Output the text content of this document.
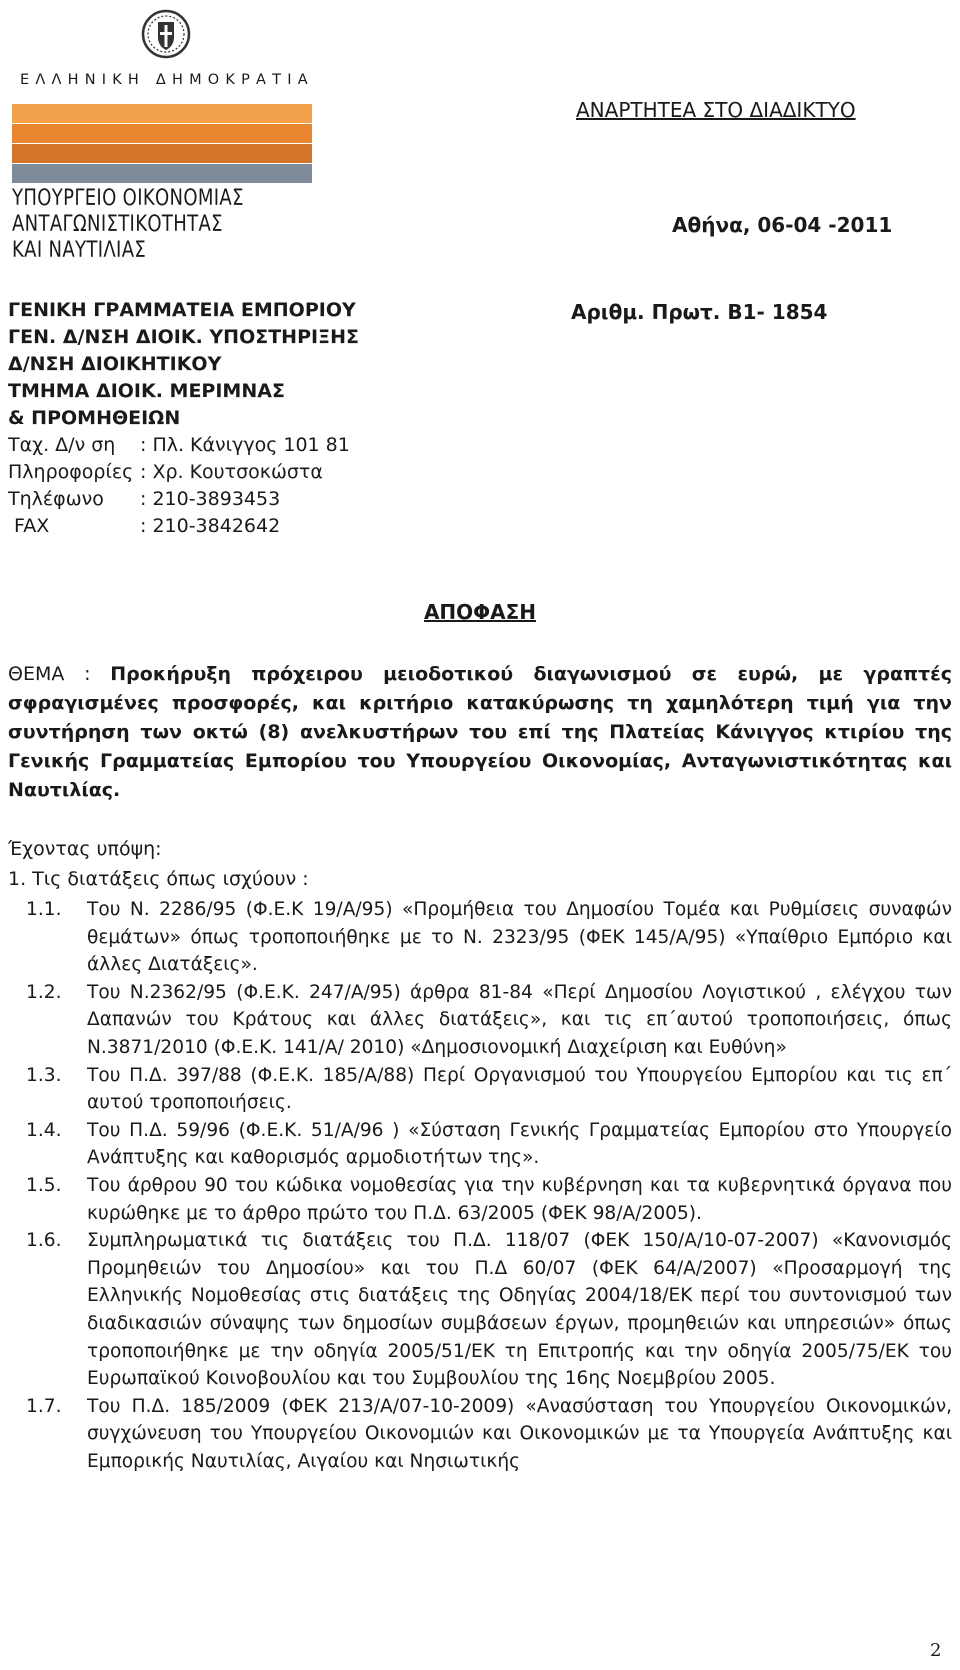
ΕΛΛΗΝΙΚΗ ΔΗΜΟΚΡΑΤΙΑ
ΥΠΟΥΡΓΕΙΟ ΟΙΚΟΝΟΜΙΑΣ
ΑΝΤΑΓΩΝΙΣΤΙΚΟΤΗΤΑΣ
ΚΑΙ ΝΑΥΤΙΛΙΑΣ
ΑΝΑΡΤΗΤΕΑ ΣΤΟ ΔΙΑΔΙΚΤΥΟ
Αθήνα, 06-04 -2011
Αριθμ. Πρωτ. Β1- 1854
ΓΕΝΙΚΗ ΓΡΑΜΜΑΤΕΙΑ ΕΜΠΟΡΙΟΥ
ΓΕΝ. Δ/ΝΣΗ ΔΙΟΙΚ. ΥΠΟΣΤΗΡΙΞΗΣ
Δ/ΝΣΗ ΔΙΟΙΚΗΤΙΚΟΥ
ΤΜΗΜΑ ΔΙΟΙΚ. ΜΕΡΙΜΝΑΣ
& ΠΡΟΜΗΘΕΙΩΝ
Ταχ. Δ/ν ση : Πλ. Κάνιγγος 101 81
Πληροφορίες : Χρ. Κουτσοκώστα
Τηλέφωνο : 210-3893453
FAX	: 210-3842642
ΑΠΟΦΑΣΗ
ΘΕΜΑ : Προκήρυξη πρόχειρου μειοδοτικού διαγωνισμού σε ευρώ, με γραπτές σφραγισμένες προσφορές, και κριτήριο κατακύρωσης τη χαμηλότερη τιμή για την συντήρηση των οκτώ (8) ανελκυστήρων του επί της Πλατείας Κάνιγγος κτιρίου της Γενικής Γραμματείας Εμπορίου του Υπουργείου Οικονομίας, Ανταγωνιστικότητας και Ναυτιλίας.
Έχοντας υπόψη:
1. Τις διατάξεις όπως ισχύουν :
1.1.	Του Ν. 2286/95 (Φ.Ε.Κ 19/Α/95) «Προμήθεια του Δημοσίου Τομέα και Ρυθμίσεις συναφών θεμάτων» όπως τροποποιήθηκε με το Ν. 2323/95 (ΦΕΚ 145/Α/95) «Υπαίθριο Εμπόριο και άλλες Διατάξεις».
1.2.	Του Ν.2362/95 (Φ.Ε.Κ. 247/Α/95) άρθρα 81-84 «Περί Δημοσίου Λογιστικού , ελέγχου των Δαπανών του Κράτους και άλλες διατάξεις», και τις επ΄αυτού τροποποιήσεις, όπως Ν.3871/2010 (Φ.Ε.Κ. 141/Α/ 2010) «Δημοσιονομική Διαχείριση και Ευθύνη»
1.3.	Του Π.Δ. 397/88 (Φ.Ε.Κ. 185/Α/88) Περί Οργανισμού του Υπουργείου Εμπορίου και τις επ΄ αυτού τροποποιήσεις.
1.4.	Του Π.Δ. 59/96 (Φ.Ε.Κ. 51/Α/96 ) «Σύσταση Γενικής Γραμματείας Εμπορίου στο Υπουργείο Ανάπτυξης και καθορισμός αρμοδιοτήτων της».
1.5.	Του άρθρου 90 του κώδικα νομοθεσίας για την κυβέρνηση και τα κυβερνητικά όργανα που κυρώθηκε με το άρθρο πρώτο του Π.Δ. 63/2005 (ΦΕΚ 98/Α/2005).
1.6.	Συμπληρωματικά τις διατάξεις του Π.Δ. 118/07 (ΦΕΚ 150/Α/10-07-2007) «Κανονισμός Προμηθειών του Δημοσίου» και του Π.Δ 60/07 (ΦΕΚ 64/Α/2007) «Προσαρμογή της Ελληνικής Νομοθεσίας στις διατάξεις της Οδηγίας 2004/18/ΕΚ περί του συντονισμού των διαδικασιών σύναψης των δημοσίων συμβάσεων έργων, προμηθειών και υπηρεσιών» όπως τροποποιήθηκε με την οδηγία 2005/51/ΕΚ τη Επιτροπής και την οδηγία 2005/75/ΕΚ του Ευρωπαϊκού Κοινοβουλίου και του Συμβουλίου της 16ης Νοεμβρίου 2005.
1.7.	Του Π.Δ. 185/2009 (ΦΕΚ 213/Α/07-10-2009) «Ανασύσταση του Υπουργείου Οικονομικών, συγχώνευση του Υπουργείου Οικονομιών και Οικονομικών με τα Υπουργεία Ανάπτυξης και Εμπορικής Ναυτιλίας, Αιγαίου και Νησιωτικής
2
